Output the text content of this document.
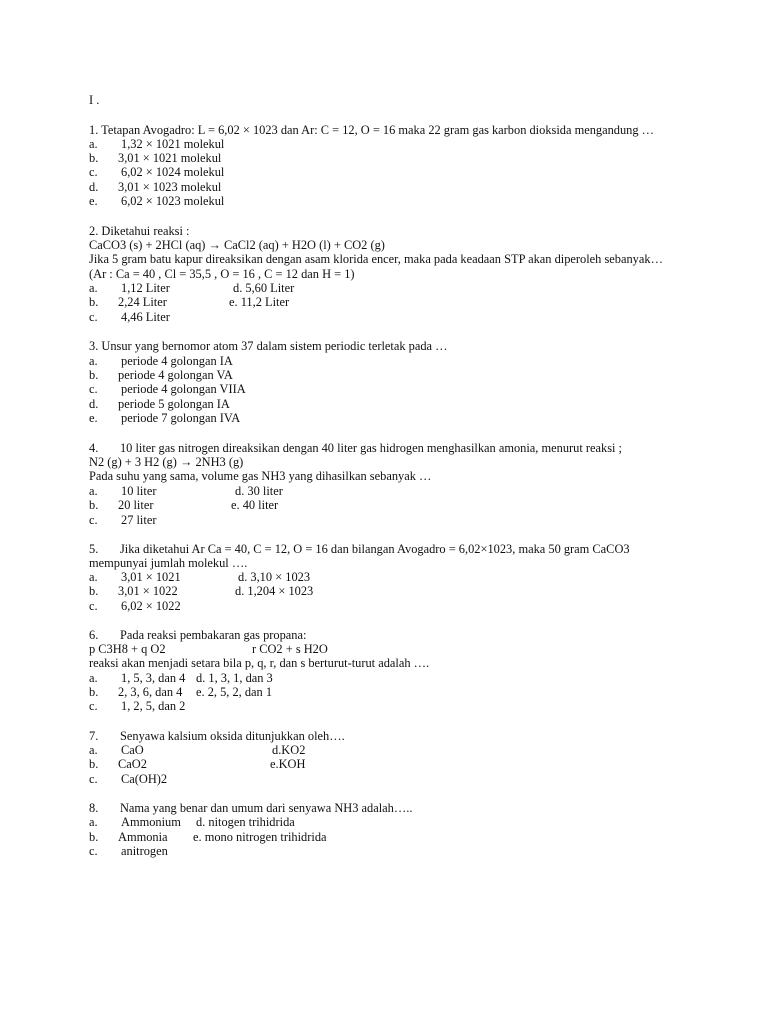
I .
1. Tetapan Avogadro: L = 6,02 × 1023 dan Ar: C = 12, O = 16 maka 22 gram gas karbon dioksida mengandung …
a. 1,32 × 1021 molekul
b. 3,01 × 1021 molekul
c. 6,02 × 1024 molekul
d. 3,01 × 1023 molekul
e. 6,02 × 1023 molekul
2. Diketahui reaksi :
CaCO3 (s) + 2HCl (aq) → CaCl2 (aq) + H2O (l) + CO2 (g)
Jika 5 gram batu kapur direaksikan dengan asam klorida encer, maka pada keadaan STP akan diperoleh sebanyak…
(Ar : Ca = 40 , Cl = 35,5 , O = 16 , C = 12 dan H = 1)
a. 1,12 Liter	d. 5,60 Liter
b. 2,24 Liter	e. 11,2 Liter
c. 4,46 Liter
3. Unsur yang bernomor atom 37 dalam sistem periodic terletak pada …
a. periode 4 golongan IA
b. periode 4 golongan VA
c. periode 4 golongan VIIA
d. periode 5 golongan IA
e. periode 7 golongan IVA
4.       10 liter gas nitrogen direaksikan dengan 40 liter gas hidrogen menghasilkan amonia, menurut reaksi ;
N2 (g) + 3 H2 (g) → 2NH3 (g)
Pada suhu yang sama, volume gas NH3 yang dihasilkan sebanyak …
a. 10 liter	d. 30 liter
b. 20 liter	e. 40 liter
c. 27 liter
5.       Jika diketahui Ar Ca = 40, C = 12, O = 16 dan bilangan Avogadro = 6,02×1023, maka 50 gram CaCO3
mempunyai jumlah molekul ….
a. 3,01 × 1021	d. 3,10 × 1023
b. 3,01 × 1022	d. 1,204 × 1023
c. 6,02 × 1022
6.       Pada reaksi pembakaran gas propana:
p C3H8 + q O2	r CO2 + s H2O
reaksi akan menjadi setara bila p, q, r, dan s berturut-turut adalah ….
a. 1, 5, 3, dan 4 d. 1, 3, 1, dan 3
b. 2, 3, 6, dan 4 e. 2, 5, 2, dan 1
c. 1, 2, 5, dan 2
7.       Senyawa kalsium oksida ditunjukkan oleh….
a. CaO	d.KO2
b. CaO2	e.KOH
c. Ca(OH)2
8.       Nama yang benar dan umum dari senyawa NH3 adalah…..
a. Ammonium d. nitogen trihidrida
b. Ammonia e. mono nitrogen trihidrida
c. anitrogen
